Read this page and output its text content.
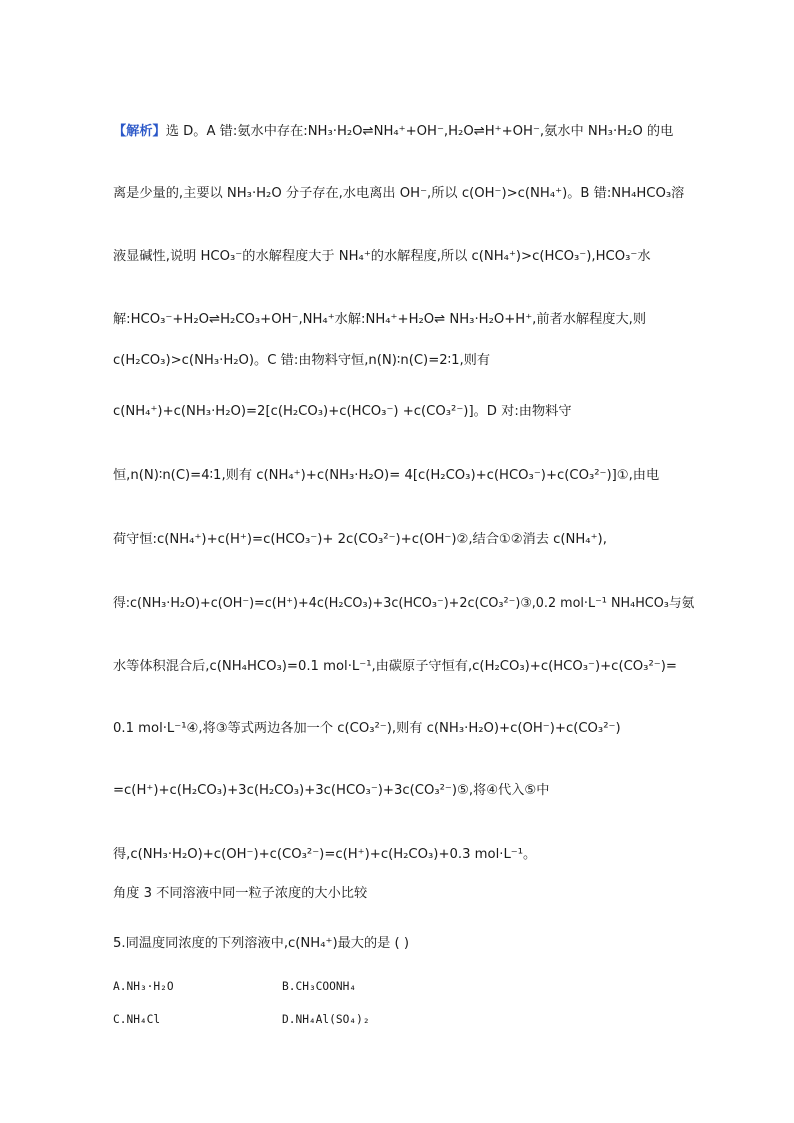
【解析】选 D。A 错:氨水中存在:NH₃·H₂O⇌NH₄⁺+OH⁻,H₂O⇌H⁺+OH⁻,氨水中 NH₃·H₂O 的电
离是少量的,主要以 NH₃·H₂O 分子存在,水电离出 OH⁻,所以 c(OH⁻)>c(NH₄⁺)。B 错:NH₄HCO₃溶
液显碱性,说明 HCO₃⁻的水解程度大于 NH₄⁺的水解程度,所以 c(NH₄⁺)>c(HCO₃⁻),HCO₃⁻水
解:HCO₃⁻+H₂O⇌H₂CO₃+OH⁻,NH₄⁺水解:NH₄⁺+H₂O⇌ NH₃·H₂O+H⁺,前者水解程度大,则
c(H₂CO₃)>c(NH₃·H₂O)。C 错:由物料守恒,n(N)∶n(C)=2∶1,则有
c(NH₄⁺)+c(NH₃·H₂O)=2[c(H₂CO₃)+c(HCO₃⁻) +c(CO₃²⁻)]。D 对:由物料守
恒,n(N)∶n(C)=4∶1,则有 c(NH₄⁺)+c(NH₃·H₂O)= 4[c(H₂CO₃)+c(HCO₃⁻)+c(CO₃²⁻)]①,由电
荷守恒:c(NH₄⁺)+c(H⁺)=c(HCO₃⁻)+ 2c(CO₃²⁻)+c(OH⁻)②,结合①②消去 c(NH₄⁺),
得:c(NH₃·H₂O)+c(OH⁻)=c(H⁺)+4c(H₂CO₃)+3c(HCO₃⁻)+2c(CO₃²⁻)③,0.2 mol·L⁻¹ NH₄HCO₃与氨
水等体积混合后,c(NH₄HCO₃)=0.1 mol·L⁻¹,由碳原子守恒有,c(H₂CO₃)+c(HCO₃⁻)+c(CO₃²⁻)=
0.1 mol·L⁻¹④,将③等式两边各加一个 c(CO₃²⁻),则有 c(NH₃·H₂O)+c(OH⁻)+c(CO₃²⁻)
=c(H⁺)+c(H₂CO₃)+3c(H₂CO₃)+3c(HCO₃⁻)+3c(CO₃²⁻)⑤,将④代入⑤中
得,c(NH₃·H₂O)+c(OH⁻)+c(CO₃²⁻)=c(H⁺)+c(H₂CO₃)+0.3 mol·L⁻¹。
角度 3 不同溶液中同一粒子浓度的大小比较
5.同温度同浓度的下列溶液中,c(NH₄⁺)最大的是 ( )
A.NH₃·H₂O	B.CH₃COONH₄
C.NH₄Cl	D.NH₄Al(SO₄)₂
